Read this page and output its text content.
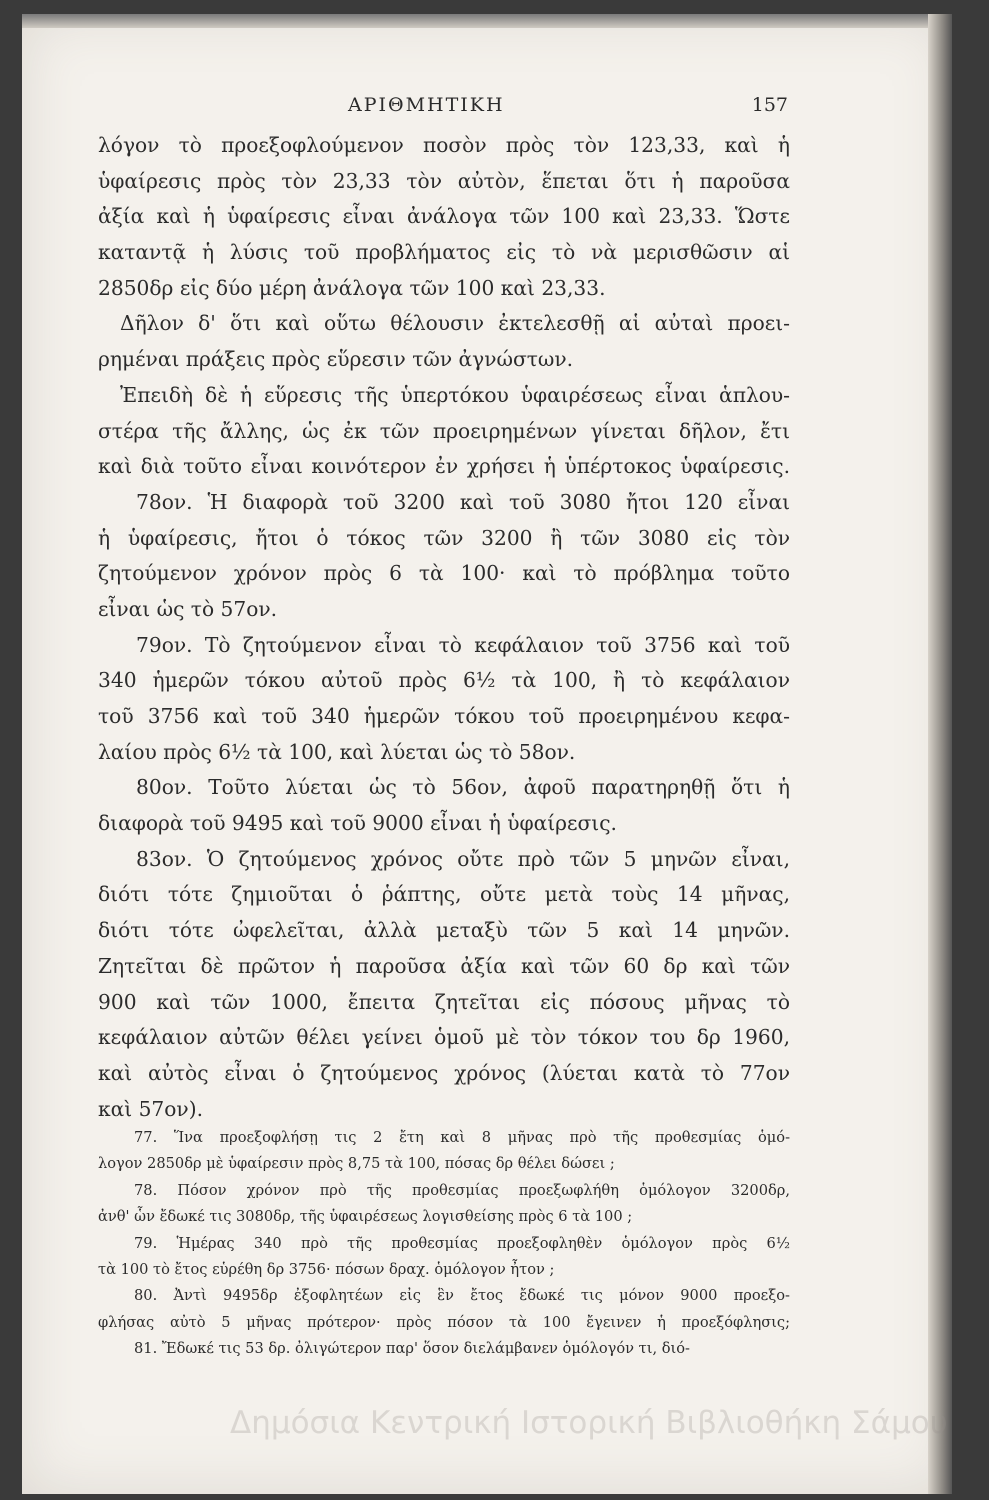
ΑΡΙΘΜΗΤΙΚΗ	157
λόγον τὸ προεξοφλούμενον ποσὸν πρὸς τὸν 123,33, καὶ ἡ
ὑφαίρεσις πρὸς τὸν 23,33 τὸν αὐτὸν, ἕπεται ὅτι ἡ παροῦσα
ἀξία καὶ ἡ ὑφαίρεσις εἶναι ἀνάλογα τῶν 100 καὶ 23,33. Ὥστε
καταντᾷ ἡ λύσις τοῦ προβλήματος εἰς τὸ νὰ μερισθῶσιν αἱ
2850δρ εἰς δύο μέρη ἀνάλογα τῶν 100 καὶ 23,33.
Δῆλον δ' ὅτι καὶ οὕτω θέλουσιν ἐκτελεσθῇ αἱ αὐταὶ προει-
ρημέναι πράξεις πρὸς εὕρεσιν τῶν ἀγνώστων.
Ἐπειδὴ δὲ ἡ εὕρεσις τῆς ὑπερτόκου ὑφαιρέσεως εἶναι ἁπλου-
στέρα τῆς ἄλλης, ὡς ἐκ τῶν προειρημένων γίνεται δῆλον, ἔτι
καὶ διὰ τοῦτο εἶναι κοινότερον ἐν χρήσει ἡ ὑπέρτοκος ὑφαίρεσις.
78ον. Ἡ διαφορὰ τοῦ 3200 καὶ τοῦ 3080 ἤτοι 120 εἶναι
ἡ ὑφαίρεσις, ἤτοι ὁ τόκος τῶν 3200 ἢ τῶν 3080 εἰς τὸν
ζητούμενον χρόνον πρὸς 6 τὰ 100· καὶ τὸ πρόβλημα τοῦτο
εἶναι ὡς τὸ 57ον.
79ον. Τὸ ζητούμενον εἶναι τὸ κεφάλαιον τοῦ 3756 καὶ τοῦ
340 ἡμερῶν τόκου αὐτοῦ πρὸς 6½ τὰ 100, ἢ τὸ κεφάλαιον
τοῦ 3756 καὶ τοῦ 340 ἡμερῶν τόκου τοῦ προειρημένου κεφα-
λαίου πρὸς 6½ τὰ 100, καὶ λύεται ὡς τὸ 58ον.
80ον. Τοῦτο λύεται ὡς τὸ 56ον, ἀφοῦ παρατηρηθῇ ὅτι ἡ
διαφορὰ τοῦ 9495 καὶ τοῦ 9000 εἶναι ἡ ὑφαίρεσις.
83ον. Ὁ ζητούμενος χρόνος οὔτε πρὸ τῶν 5 μηνῶν εἶναι,
διότι τότε ζημιοῦται ὁ ῥάπτης, οὔτε μετὰ τοὺς 14 μῆνας,
διότι τότε ὠφελεῖται, ἀλλὰ μεταξὺ τῶν 5 καὶ 14 μηνῶν.
Ζητεῖται δὲ πρῶτον ἡ παροῦσα ἀξία καὶ τῶν 60 δρ καὶ τῶν
900 καὶ τῶν 1000, ἔπειτα ζητεῖται εἰς πόσους μῆνας τὸ
κεφάλαιον αὐτῶν θέλει γείνει ὁμοῦ μὲ τὸν τόκον του δρ 1960,
καὶ αὐτὸς εἶναι ὁ ζητούμενος χρόνος (λύεται κατὰ τὸ 77ον
καὶ 57ον).
77. Ἵνα προεξοφλήσῃ τις 2 ἔτη καὶ 8 μῆνας πρὸ τῆς προθεσμίας ὁμό-
λογον 2850δρ μὲ ὑφαίρεσιν πρὸς 8,75 τὰ 100, πόσας δρ θέλει δώσει ;
78. Πόσον χρόνον πρὸ τῆς προθεσμίας προεξωφλήθη ὁμόλογον 3200δρ,
ἀνθ' ὧν ἔδωκέ τις 3080δρ, τῆς ὑφαιρέσεως λογισθείσης πρὸς 6 τὰ 100 ;
79. Ἡμέρας 340 πρὸ τῆς προθεσμίας προεξοφληθὲν ὁμόλογον πρὸς 6½
τὰ 100 τὸ ἔτος εὑρέθη δρ 3756· πόσων δραχ. ὁμόλογον ἦτον ;
80. Ἀντὶ 9495δρ ἐξοφλητέων εἰς ἓν ἔτος ἔδωκέ τις μόνον 9000 προεξο-
φλήσας αὐτὸ 5 μῆνας πρότερον· πρὸς πόσον τὰ 100 ἔγεινεν ἡ προεξόφλησις;
81. Ἔδωκέ τις 53 δρ. ὀλιγώτερον παρ' ὅσον διελάμβανεν ὁμόλογόν τι, διό-
Δημόσια Κεντρική Ιστορική Βιβλιοθήκη Σάμου
